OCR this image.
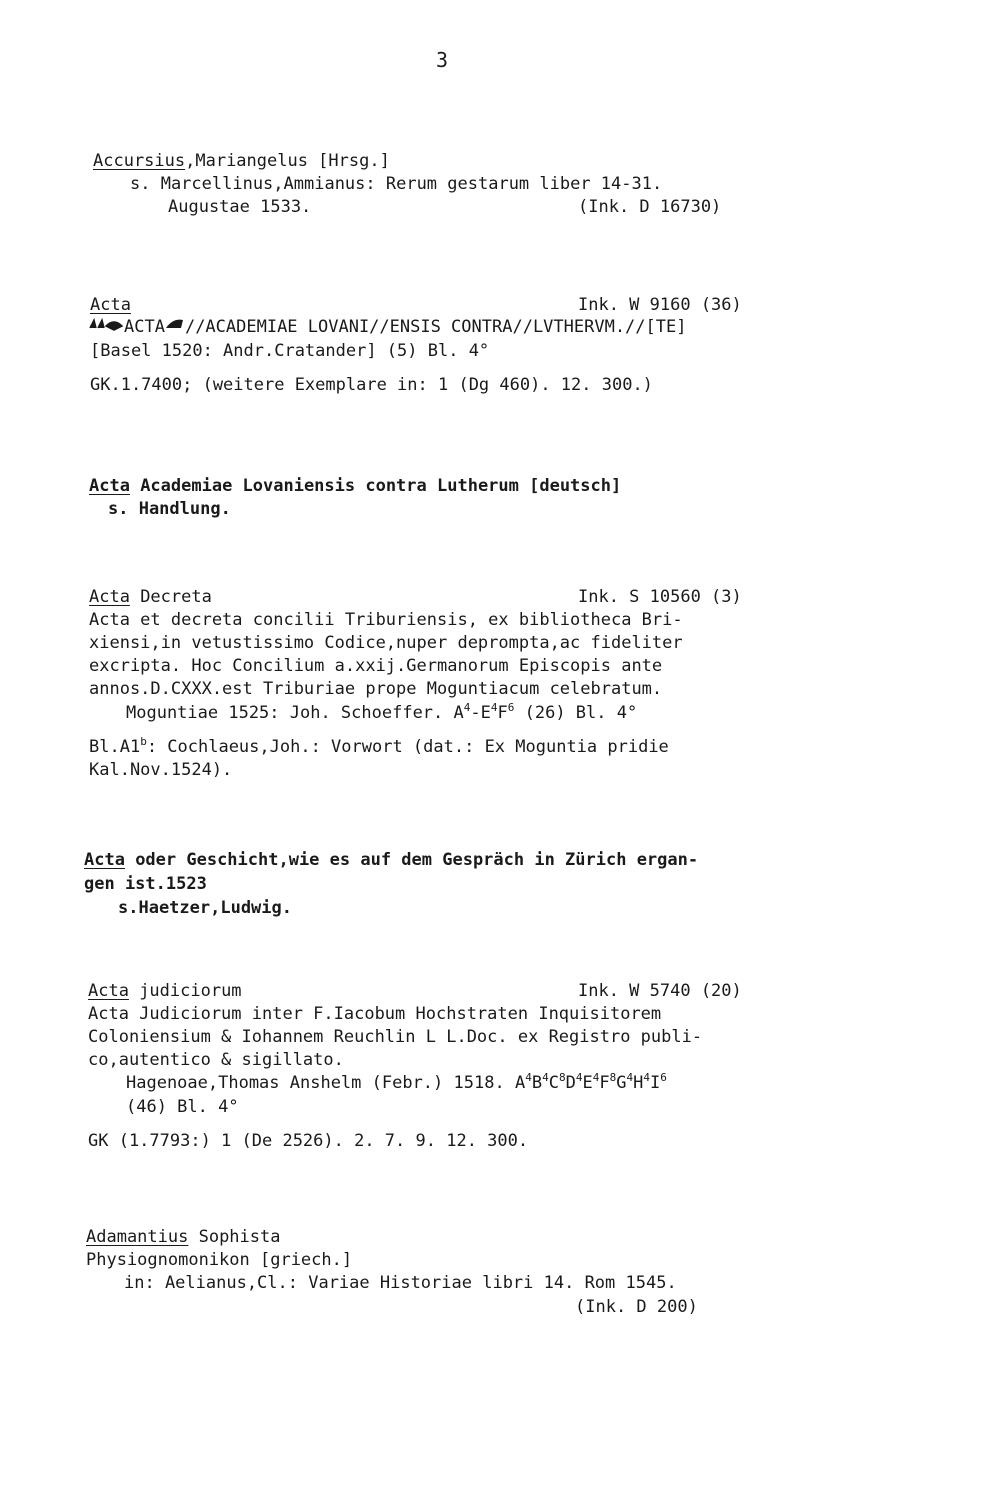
3
Accursius,Mariangelus [Hrsg.]
s. Marcellinus,Ammianus: Rerum gestarum liber 14-31.
Augustae 1533.	(Ink. D 16730)
Acta	Ink. W 9160 (36)
ACTA //ACADEMIAE LOVANI//ENSIS CONTRA//LVTHERVM.//[TE]
[Basel 1520: Andr.Cratander] (5) Bl. 4°
GK.1.7400; (weitere Exemplare in: 1 (Dg 460). 12. 300.)
Acta Academiae Lovaniensis contra Lutherum [deutsch]
s. Handlung.
Acta Decreta	Ink. S 10560 (3)
Acta et decreta concilii Triburiensis, ex bibliotheca Bri-
xiensi,in vetustissimo Codice,nuper deprompta,ac fideliter
excripta. Hoc Concilium a.xxij.Germanorum Episcopis ante
annos.D.CXXX.est Triburiae prope Moguntiacum celebratum.
Moguntiae 1525: Joh. Schoeffer. $A^4-E^4F^6$ (26) Bl. 4°
Bl.A1$^b$: Cochlaeus,Joh.: Vorwort (dat.: Ex Moguntia pridie
Kal.Nov.1524).
Acta oder Geschicht,wie es auf dem Gespräch in Zürich ergan-
gen ist.1523
s.Haetzer,Ludwig.
Acta judiciorum	Ink. W 5740 (20)
Acta Judiciorum inter F.Iacobum Hochstraten Inquisitorem
Coloniensium & Iohannem Reuchlin L L.Doc. ex Registro publi-
co,autentico & sigillato.
Hagenoae,Thomas Anshelm (Febr.) 1518. $A^4B^4C^8D^4E^4F^8G^4H^4I^6$
(46) Bl. 4°
GK (1.7793:) 1 (De 2526). 2. 7. 9. 12. 300.
Adamantius Sophista
Physiognomonikon [griech.]
in: Aelianus,Cl.: Variae Historiae libri 14. Rom 1545.
(Ink. D 200)
